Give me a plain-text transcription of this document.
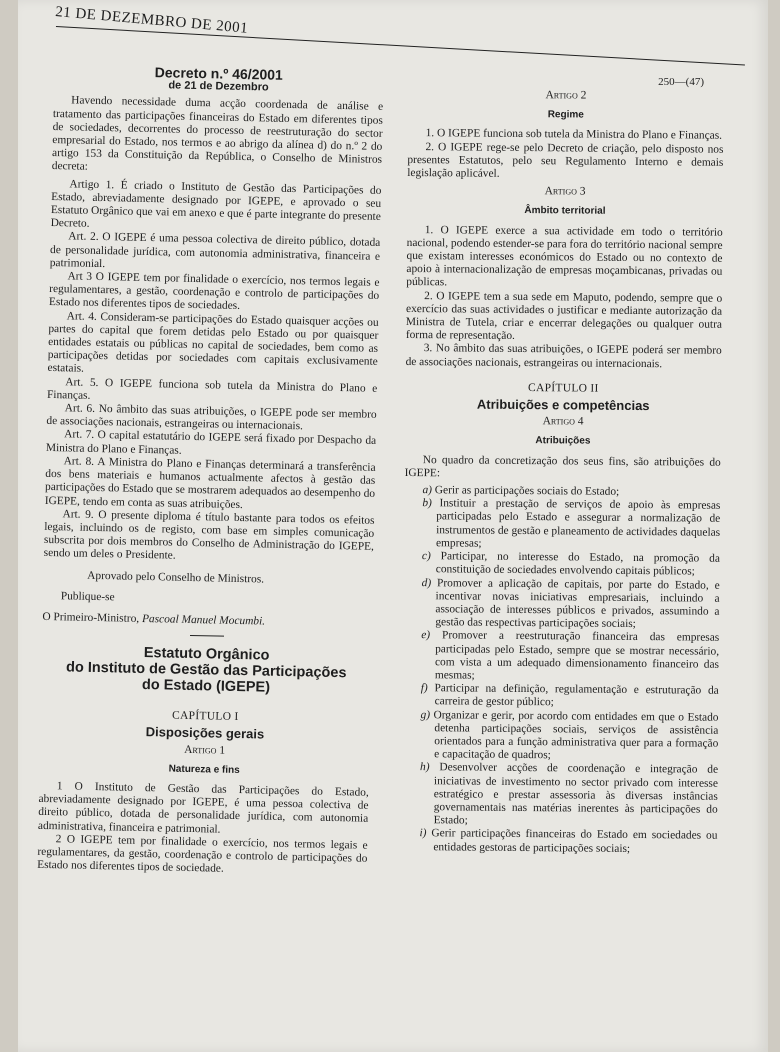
21 DE DEZEMBRO DE 2001
250—(47)
Decreto n.º 46/2001
de 21 de Dezembro

Havendo necessidade duma acção coordenada de análise e tratamento das participações financeiras do Estado em diferentes tipos de sociedades, decorrentes do processo de reestruturação do sector empresarial do Estado, nos termos e ao abrigo da alínea d) do n.º 2 do artigo 153 da Constituição da República, o Conselho de Ministros decreta:

Artigo 1. É criado o Instituto de Gestão das Participações do Estado, abreviadamente designado por IGEPE, e aprovado o seu Estatuto Orgânico que vai em anexo e que é parte integrante do presente Decreto.

Art. 2. O IGEPE é uma pessoa colectiva de direito público, dotada de personalidade jurídica, com autonomia administrativa, financeira e patrimonial.

Art 3 O IGEPE tem por finalidade o exercício, nos termos legais e regulamentares, a gestão, coordenação e controlo de participações do Estado nos diferentes tipos de sociedades.

Art. 4. Consideram-se participações do Estado quaisquer acções ou partes do capital que forem detidas pelo Estado ou por quaisquer entidades estatais ou públicas no capital de sociedades, bem como as participações detidas por sociedades com capitais exclusivamente estatais.

Art. 5. O IGEPE funciona sob tutela da Ministra do Plano e Finanças.

Art. 6. No âmbito das suas atribuições, o IGEPE pode ser membro de associações nacionais, estrangeiras ou internacionais.

Art. 7. O capital estatutário do IGEPE será fixado por Despacho da Ministra do Plano e Finanças.

Art. 8. A Ministra do Plano e Finanças determinará a transferência dos bens materiais e humanos actualmente afectos à gestão das participações do Estado que se mostrarem adequados ao desempenho do IGEPE, tendo em conta as suas atribuições.

Art. 9. O presente diploma é título bastante para todos os efeitos legais, incluindo os de registo, com base em simples comunicação subscrita por dois membros do Conselho de Administração do IGEPE, sendo um deles o Presidente.

Aprovado pelo Conselho de Ministros.

Publique-se

O Primeiro-Ministro, Pascoal Manuel Mocumbi.

Estatuto Orgânico
do Instituto de Gestão das Participações
do Estado (IGEPE)
CAPÍTULO I
Disposições gerais
Artigo 1
Natureza e fins

1 O Instituto de Gestão das Participações do Estado, abreviadamente designado por IGEPE, é uma pessoa colectiva de direito público, dotada de personalidade jurídica, com autonomia administrativa, financeira e patrimonial.

2 O IGEPE tem por finalidade o exercício, nos termos legais e regulamentares, da gestão, coordenação e controlo de participações do Estado nos diferentes tipos de sociedade.

Artigo 2
Regime

1. O IGEPE funciona sob tutela da Ministra do Plano e Finanças.

2. O IGEPE rege-se pelo Decreto de criação, pelo disposto nos presentes Estatutos, pelo seu Regulamento Interno e demais legislação aplicável.

Artigo 3
Âmbito territorial

1. O IGEPE exerce a sua actividade em todo o território nacional, podendo estender-se para fora do território nacional sempre que existam interesses económicos do Estado ou no contexto de apoio à internacionalização de empresas moçambicanas, privadas ou públicas.

2. O IGEPE tem a sua sede em Maputo, podendo, sempre que o exercício das suas actividades o justificar e mediante autorização da Ministra de Tutela, criar e encerrar delegações ou qualquer outra forma de representação.

3. No âmbito das suas atribuições, o IGEPE poderá ser membro de associações nacionais, estrangeiras ou internacionais.

CAPÍTULO II
Atribuições e competências
Artigo 4
Atribuições

No quadro da concretização dos seus fins, são atribuições do IGEPE:

a) Gerir as participações sociais do Estado;

b) Instituir a prestação de serviços de apoio às empresas participadas pelo Estado e assegurar a normalização de instrumentos de gestão e planeamento de actividades daquelas empresas;

c) Participar, no interesse do Estado, na promoção da constituição de sociedades envolvendo capitais públicos;

d) Promover a aplicação de capitais, por parte do Estado, e incentivar novas iniciativas empresariais, incluindo a associação de interesses públicos e privados, assumindo a gestão das respectivas participações sociais;

e) Promover a reestruturação financeira das empresas participadas pelo Estado, sempre que se mostrar necessário, com vista a um adequado dimensionamento financeiro das mesmas;

f) Participar na definição, regulamentação e estruturação da carreira de gestor público;

g) Organizar e gerir, por acordo com entidades em que o Estado detenha participações sociais, serviços de assistência orientados para a função administrativa quer para a formação e capacitação de quadros;

h) Desenvolver acções de coordenação e integração de iniciativas de investimento no sector privado com interesse estratégico e prestar assessoria às diversas instâncias governamentais nas matérias inerentes às participações do Estado;

i) Gerir participações financeiras do Estado em sociedades ou entidades gestoras de participações sociais;
